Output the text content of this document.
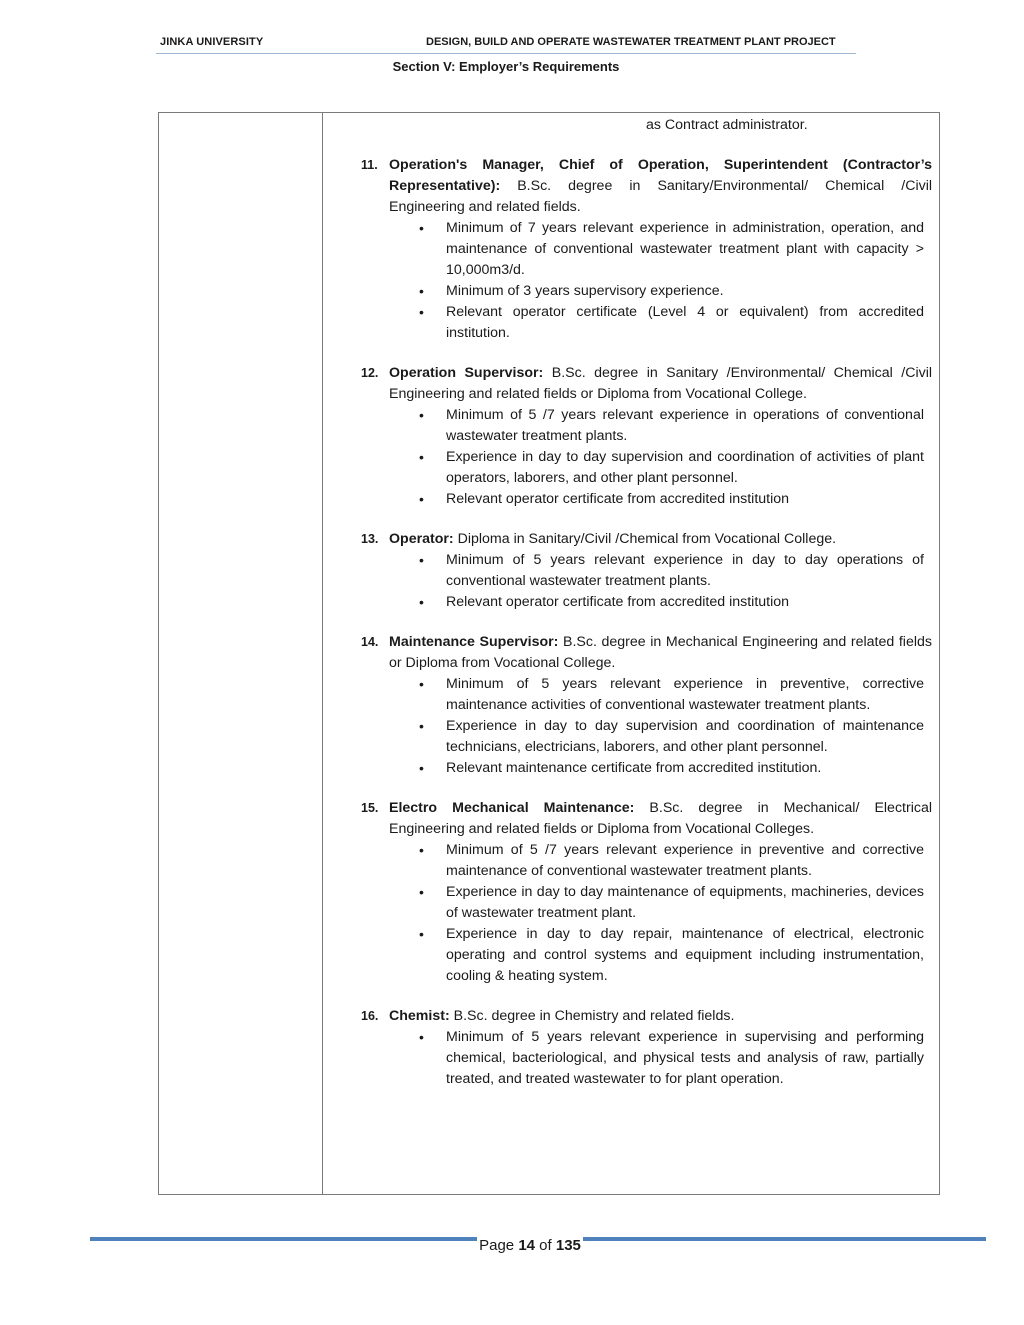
JINKA UNIVERSITY	DESIGN, BUILD AND OPERATE WASTEWATER TREATMENT PLANT PROJECT
Section V: Employer’s Requirements

as Contract administrator.

11. Operation's Manager, Chief of Operation, Superintendent (Contractor’s Representative): B.Sc. degree in Sanitary/Environmental/ Chemical /Civil Engineering and related fields.

• Minimum of 7 years relevant experience in administration, operation, and maintenance of conventional wastewater treatment plant with capacity > 10,000m3/d.
• Minimum of 3 years supervisory experience.
• Relevant operator certificate (Level 4 or equivalent) from accredited institution.
12. Operation Supervisor: B.Sc. degree in Sanitary /Environmental/ Chemical /Civil Engineering and related fields or Diploma from Vocational College.

• Minimum of 5 /7 years relevant experience in operations of conventional wastewater treatment plants.
• Experience in day to day supervision and coordination of activities of plant operators, laborers, and other plant personnel.
• Relevant operator certificate from accredited institution
13. Operator: Diploma in Sanitary/Civil /Chemical from Vocational College.

• Minimum of 5 years relevant experience in day to day operations of conventional wastewater treatment plants.
• Relevant operator certificate from accredited institution
14. Maintenance Supervisor: B.Sc. degree in Mechanical Engineering and related fields or Diploma from Vocational College.

• Minimum of 5 years relevant experience in preventive, corrective maintenance activities of conventional wastewater treatment plants.
• Experience in day to day supervision and coordination of maintenance technicians, electricians, laborers, and other plant personnel.
• Relevant maintenance certificate from accredited institution.
15. Electro Mechanical Maintenance: B.Sc. degree in Mechanical/ Electrical Engineering and related fields or Diploma from Vocational Colleges.

• Minimum of 5 /7 years relevant experience in preventive and corrective maintenance of conventional wastewater treatment plants.
• Experience in day to day maintenance of equipments, machineries, devices of wastewater treatment plant.
• Experience in day to day repair, maintenance of electrical, electronic operating and control systems and equipment including instrumentation, cooling & heating system.
16. Chemist: B.Sc. degree in Chemistry and related fields.

• Minimum of 5 years relevant experience in supervising and performing chemical, bacteriological, and physical tests and analysis of raw, partially treated, and treated wastewater to for plant operation.
Page 14 of 135
